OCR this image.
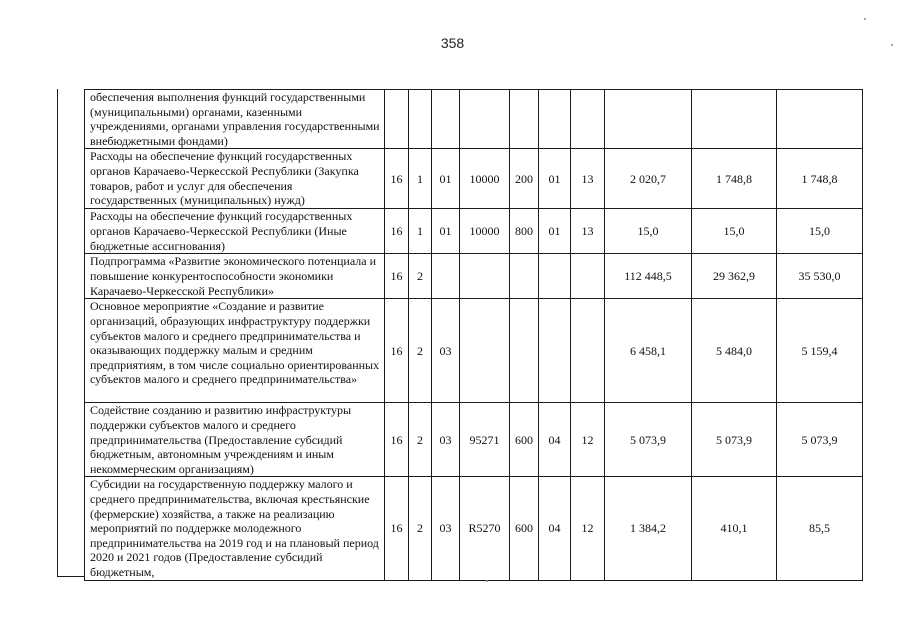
358
обеспечения выполнения функций государственными (муниципальными) органами, казенными учреждениями, органами управления государственными внебюджетными фондами)										
Расходы на обеспечение функций государственных органов Карачаево-Черкесской Республики (Закупка товаров, работ и услуг для обеспечения государственных (муниципальных) нужд)	16	1	01	10000	200	01	13	2 020,7	1 748,8	1 748,8
Расходы на обеспечение функций государственных органов Карачаево-Черкесской Республики (Иные бюджетные ассигнования)	16	1	01	10000	800	01	13	15,0	15,0	15,0
Подпрограмма «Развитие экономического потенциала и повышение конкурентоспособности экономики Карачаево-Черкесской Республики»	16	2						112 448,5	29 362,9	35 530,0
Основное мероприятие «Создание и развитие организаций, образующих инфраструктуру поддержки субъектов малого и среднего предпринимательства и оказывающих поддержку малым и средним предприятиям, в том числе социально ориентированных субъектов малого и среднего предпринимательства»	16	2	03					6 458,1	5 484,0	5 159,4
Содействие созданию и развитию инфраструктуры поддержки субъектов малого и среднего предпринимательства (Предоставление субсидий бюджетным, автономным учреждениям и иным некоммерческим организациям)	16	2	03	95271	600	04	12	5 073,9	5 073,9	5 073,9
Субсидии на государственную поддержку малого и среднего предпринимательства, включая крестьянские (фермерские) хозяйства, а также на реализацию мероприятий по поддержке молодежного предпринимательства на 2019 год и на плановый период 2020 и 2021 годов (Предоставление субсидий бюджетным,	16	2	03	R5270	600	04	12	1 384,2	410,1	85,5
